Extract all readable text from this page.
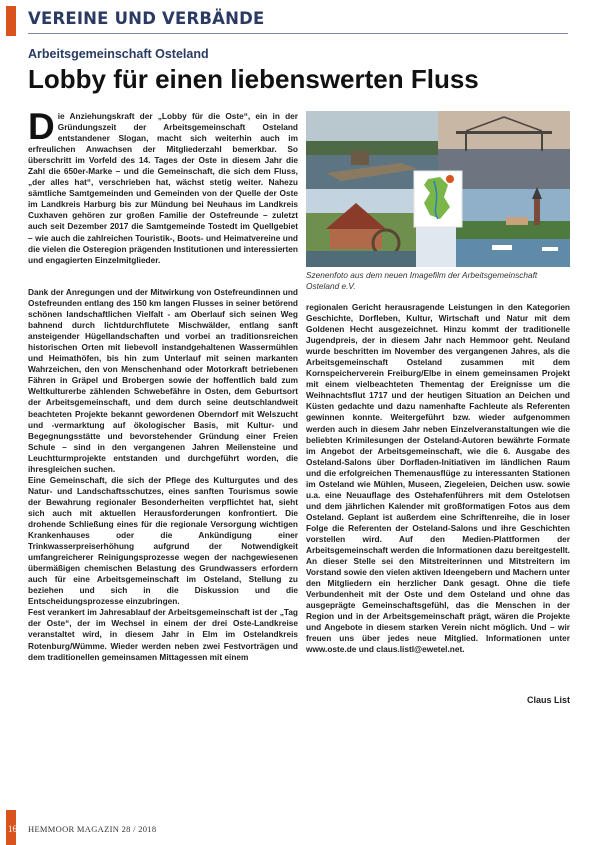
VEREINE UND VERBÄNDE
Arbeitsgemeinschaft Osteland
Lobby für einen liebenswerten Fluss
D ie Anziehungskraft der „Lobby für die Oste“, ein in der Gründungszeit der Arbeitsgemeinschaft Osteland entstandener Slogan, macht sich weiterhin auch im erfreulichen Anwachsen der Mitgliederzahl bemerkbar. So überschritt im Vorfeld des 14. Tages der Oste in diesem Jahr die Zahl die 650er-Marke – und die Gemeinschaft, die sich dem Fluss, „der alles hat“, verschrieben hat, wächst stetig weiter. Nahezu sämtliche Samtgemeinden und Gemeinden von der Quelle der Oste im Landkreis Harburg bis zur Mündung bei Neuhaus im Landkreis Cuxhaven gehören zur großen Familie der Ostefreunde – zuletzt auch seit Dezember 2017 die Samtgemeinde Tostedt im Quellgebiet – wie auch die zahlreichen Touristik-, Boots- und Heimatvereine und die vielen die Osteregion prägenden Institutionen und interessierten und engagierten Einzelmitglieder.

Dank der Anregungen und der Mitwirkung von Ostefreundinnen und Ostefreunden entlang des 150 km langen Flusses in seiner betörend schönen landschaftlichen Vielfalt - am Oberlauf sich seinen Weg bahnend durch lichtdurchflutete Mischwälder, entlang sanft ansteigender Hügellandschaften und vorbei an traditionsreichen historischen Orten mit liebevoll instandgehaltenen Wassermühlen und Heimathöfen, bis hin zum Unterlauf mit seinen markanten Wahrzeichen, den von Menschenhand oder Motorkraft betriebenen Fähren in Gräpel und Brobergen sowie der hoffentlich bald zum Weltkulturerbe zählenden Schwebefähre in Osten, dem Geburtsort der Arbeitsgemeinschaft, und dem durch seine deutschlandweit beachteten Projekte bekannt gewordenen Oberndorf mit Welszucht und -vermarktung auf ökologischer Basis, mit Kultur- und Begegnungsstätte und bevorstehender Gründung einer Freien Schule – sind in den vergangenen Jahren Meilensteine und Leuchtturmprojekte entstanden und durchgeführt worden, die ihresgleichen suchen.

Eine Gemeinschaft, die sich der Pflege des Kulturgutes und des Natur- und Landschaftsschutzes, eines sanften Tourismus sowie der Bewahrung regionaler Besonderheiten verpflichtet hat, sieht sich auch mit aktuellen Herausforderungen konfrontiert. Die drohende Schließung eines für die regionale Versorgung wichtigen Krankenhauses oder die Ankündigung einer Trinkwasserpreiserhöhung aufgrund der Notwendigkeit umfangreicherer Reinigungsprozesse wegen der nachgewiesenen übermäßigen chemischen Belastung des Grundwassers erfordern auch für eine Arbeitsgemeinschaft im Osteland, Stellung zu beziehen und sich in die Diskussion und die Entscheidungsprozesse einzubringen.

Fest verankert im Jahresablauf der Arbeitsgemeinschaft ist der „Tag der Oste“, der im Wechsel in einem der drei Oste-Landkreise veranstaltet wird, in diesem Jahr in Elm im Ostelandkreis Rotenburg/Wümme. Wieder werden neben zwei Festvorträgen und dem traditionellen gemeinsamen Mittagessen mit einem

Szenenfoto aus dem neuen Imagefilm der Arbeitsgemeinschaft Osteland e.V.

regionalen Gericht herausragende Leistungen in den Kategorien Geschichte, Dorfleben, Kultur, Wirtschaft und Natur mit dem Goldenen Hecht ausgezeichnet. Hinzu kommt der traditionelle Jugendpreis, der in diesem Jahr nach Hemmoor geht. Neuland wurde beschritten im November des vergangenen Jahres, als die Arbeitsgemeinschaft Osteland zusammen mit dem Kornspeicherverein Freiburg/Elbe in einem gemeinsamen Projekt mit einem vielbeachteten Thementag der Ereignisse um die Weihnachtsflut 1717 und der heutigen Situation an Deichen und Küsten gedachte und dazu namenhafte Fachleute als Referenten gewinnen konnte. Weitergeführt bzw. wieder aufgenommen werden auch in diesem Jahr neben Einzelveranstaltungen wie die beliebten Krimilesungen der Osteland-Autoren bewährte Formate im Angebot der Arbeitsgemeinschaft, wie die 6. Ausgabe des Osteland-Salons über Dorfladen-Initiativen im ländlichen Raum und die erfolgreichen Themenausflüge zu interessanten Stationen im Osteland wie Mühlen, Museen, Ziegeleien, Deichen usw. sowie u.a. eine Neuauflage des Ostehafenführers mit dem Ostelotsen und dem jährlichen Kalender mit großformatigen Fotos aus dem Osteland. Geplant ist außerdem eine Schriftenreihe, die in loser Folge die Referenten der Osteland-Salons und ihre Geschichten vorstellen wird. Auf den Medien-Plattformen der Arbeitsgemeinschaft werden die Informationen dazu bereitgestellt. An dieser Stelle sei den Mitstreiterinnen und Mitstreitern im Vorstand sowie den vielen aktiven Ideengebern und Machern unter den Mitgliedern ein herzlicher Dank gesagt. Ohne die tiefe Verbundenheit mit der Oste und dem Osteland und ohne das ausgeprägte Gemeinschaftsgefühl, das die Menschen in der Region und in der Arbeitsgemeinschaft prägt, wären die Projekte und Angebote in diesem starken Verein nicht möglich. Und – wir freuen uns über jedes neue Mitglied. Informationen unter www.oste.de und claus.listl@ewetel.net.

Claus List
16 HEMMOOR MAGAZIN 28 / 2018
